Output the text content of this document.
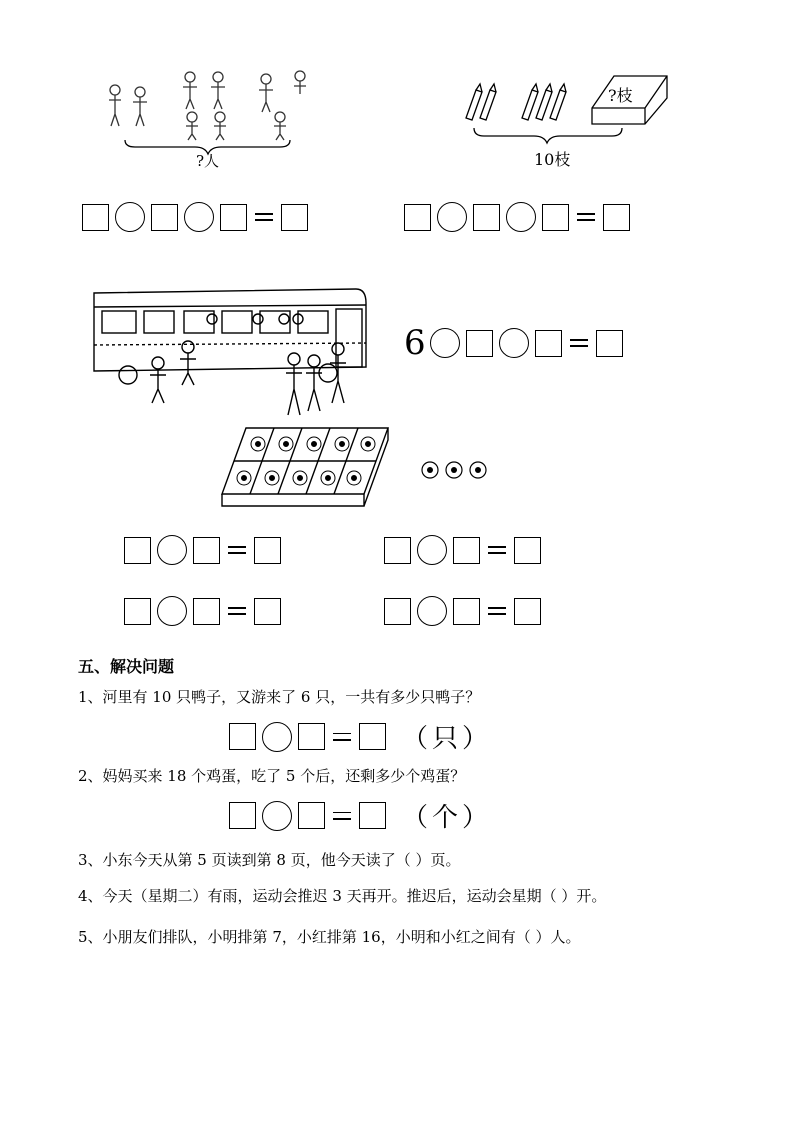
?人
?枝
10枝
6
五、解决问题
1、河里有 10 只鸭子，又游来了 6 只，一共有多少只鸭子？
（只）
2、妈妈买来 18 个鸡蛋，吃了 5 个后，还剩多少个鸡蛋？
（个）
3、小东今天从第 5 页读到第 8 页，他今天读了（ ）页。
4、今天（星期二）有雨，运动会推迟 3 天再开。推迟后，运动会星期（ ）开。
5、小朋友们排队，小明排第 7，小红排第 16，小明和小红之间有（ ）人。
